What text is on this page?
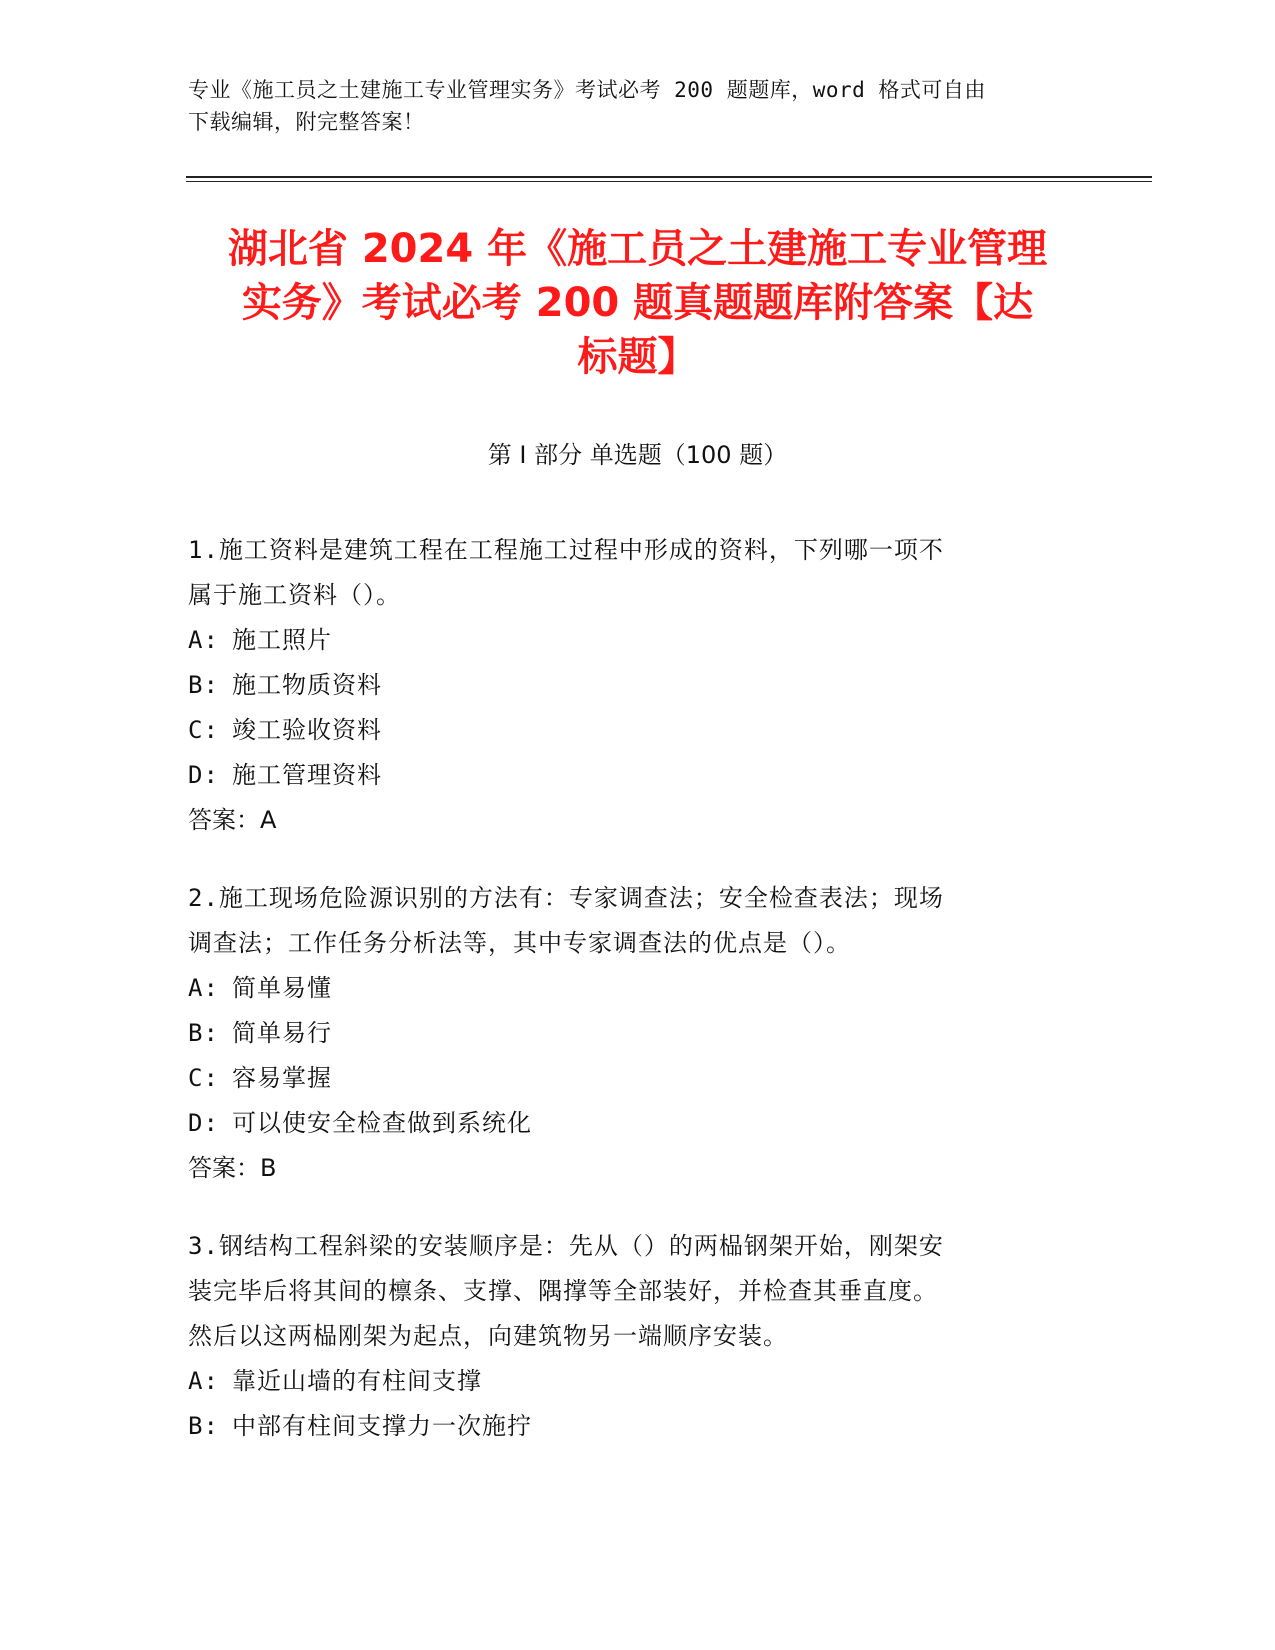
专业《施工员之土建施工专业管理实务》考试必考 200 题题库，word 格式可自由
下载编辑，附完整答案！
湖北省 2024 年《施工员之土建施工专业管理
实务》考试必考 200 题真题题库附答案【达
标题】
第 I 部分 单选题（100 题）
1.施工资料是建筑工程在工程施工过程中形成的资料，下列哪一项不
属于施工资料（）。
A: 施工照片
B: 施工物质资料
C: 竣工验收资料
D: 施工管理资料
答案：A
2.施工现场危险源识别的方法有：专家调查法；安全检查表法；现场
调查法；工作任务分析法等，其中专家调查法的优点是（）。
A: 简单易懂
B: 简单易行
C: 容易掌握
D: 可以使安全检查做到系统化
答案：B
3.钢结构工程斜梁的安装顺序是：先从（）的两榀钢架开始，刚架安
装完毕后将其间的檩条、支撑、隅撑等全部装好，并检查其垂直度。
然后以这两榀刚架为起点，向建筑物另一端顺序安装。
A: 靠近山墙的有柱间支撑
B: 中部有柱间支撑力一次施拧
